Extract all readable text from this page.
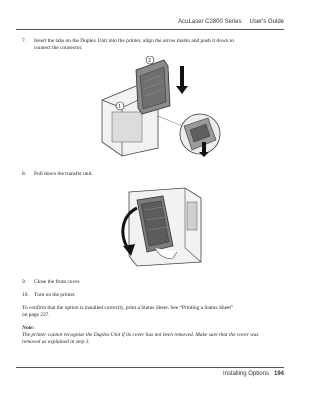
AcuLaser C2800 Series User's Guide
7. Insert the tabs on the Duplex Unit into the printer, align the arrow marks and push it down to
connect the connector.
1
2
8. Pull down the transfer unit.
9. Close the front cover.
10. Turn on the printer.
To confirm that the option is installed correctly, print a Status Sheet. See “Printing a Status Sheet”
on page 237.
Note:
The printer cannot recognize the Duplex Unit if its cover has not been removed. Make sure that the cover was
removed as explained in step 3.
Installing Options 194
